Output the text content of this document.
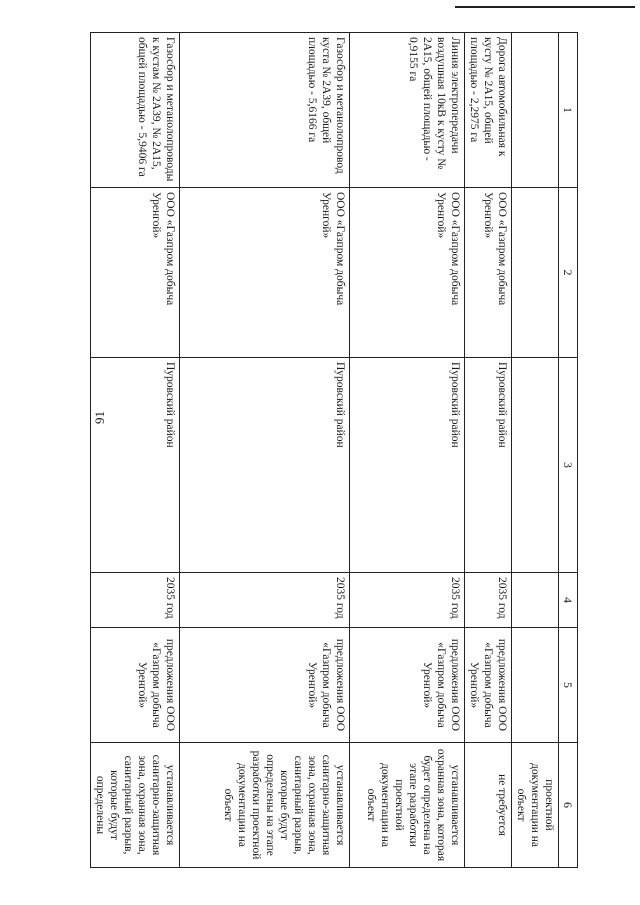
91
1	2	3	4	5	6
					проектной документации на объект
Дорога автомобильная к кусту № 2А15, общей площадью - 2,2975 га	ООО «Газпром добыча Уренгой»	Пуровский район	2035 год	предложения ООО «Газпром добыча Уренгой»	не требуется
Линия электропередачи воздушная 10кВ к кусту № 2А15, общей площадью - 0,9155 га	ООО «Газпром добыча Уренгой»	Пуровский район	2035 год	предложения ООО «Газпром добыча Уренгой»	устанавливается охранная зона, которая будет определена на этапе разработки проектной документации на объект
Газосбор и метанолопровод куста № 2А39, общей площадью - 5,6166 га	ООО «Газпром добыча Уренгой»	Пуровский район	2035 год	предложения ООО «Газпром добыча Уренгой»	устанавливается санитарно-защитная зона, охранная зона, санитарный разрыв, которые будут определены на этапе разработки проектной документации на объект
Газосбор и метанолопроводы к кустам № 2А39, № 2А15, общей площадью - 5,9406 га	ООО «Газпром добыча Уренгой»	Пуровский район	2035 год	предложения ООО «Газпром добыча Уренгой»	устанавливается санитарно-защитная зона, охранная зона, санитарный разрыв, которые будут определены
